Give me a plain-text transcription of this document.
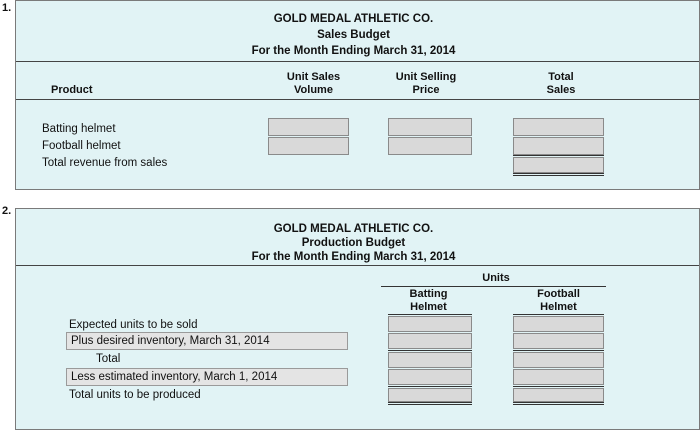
1.
GOLD MEDAL ATHLETIC CO.
Sales Budget
For the Month Ending March 31, 2014
Product
Unit Sales
Volume
Unit Selling
Price
Total
Sales
Batting helmet
Football helmet
Total revenue from sales
2.
GOLD MEDAL ATHLETIC CO.
Production Budget
For the Month Ending March 31, 2014
Units
Batting
Helmet
Football
Helmet
Expected units to be sold
Plus desired inventory, March 31, 2014
Total
Less estimated inventory, March 1, 2014
Total units to be produced
